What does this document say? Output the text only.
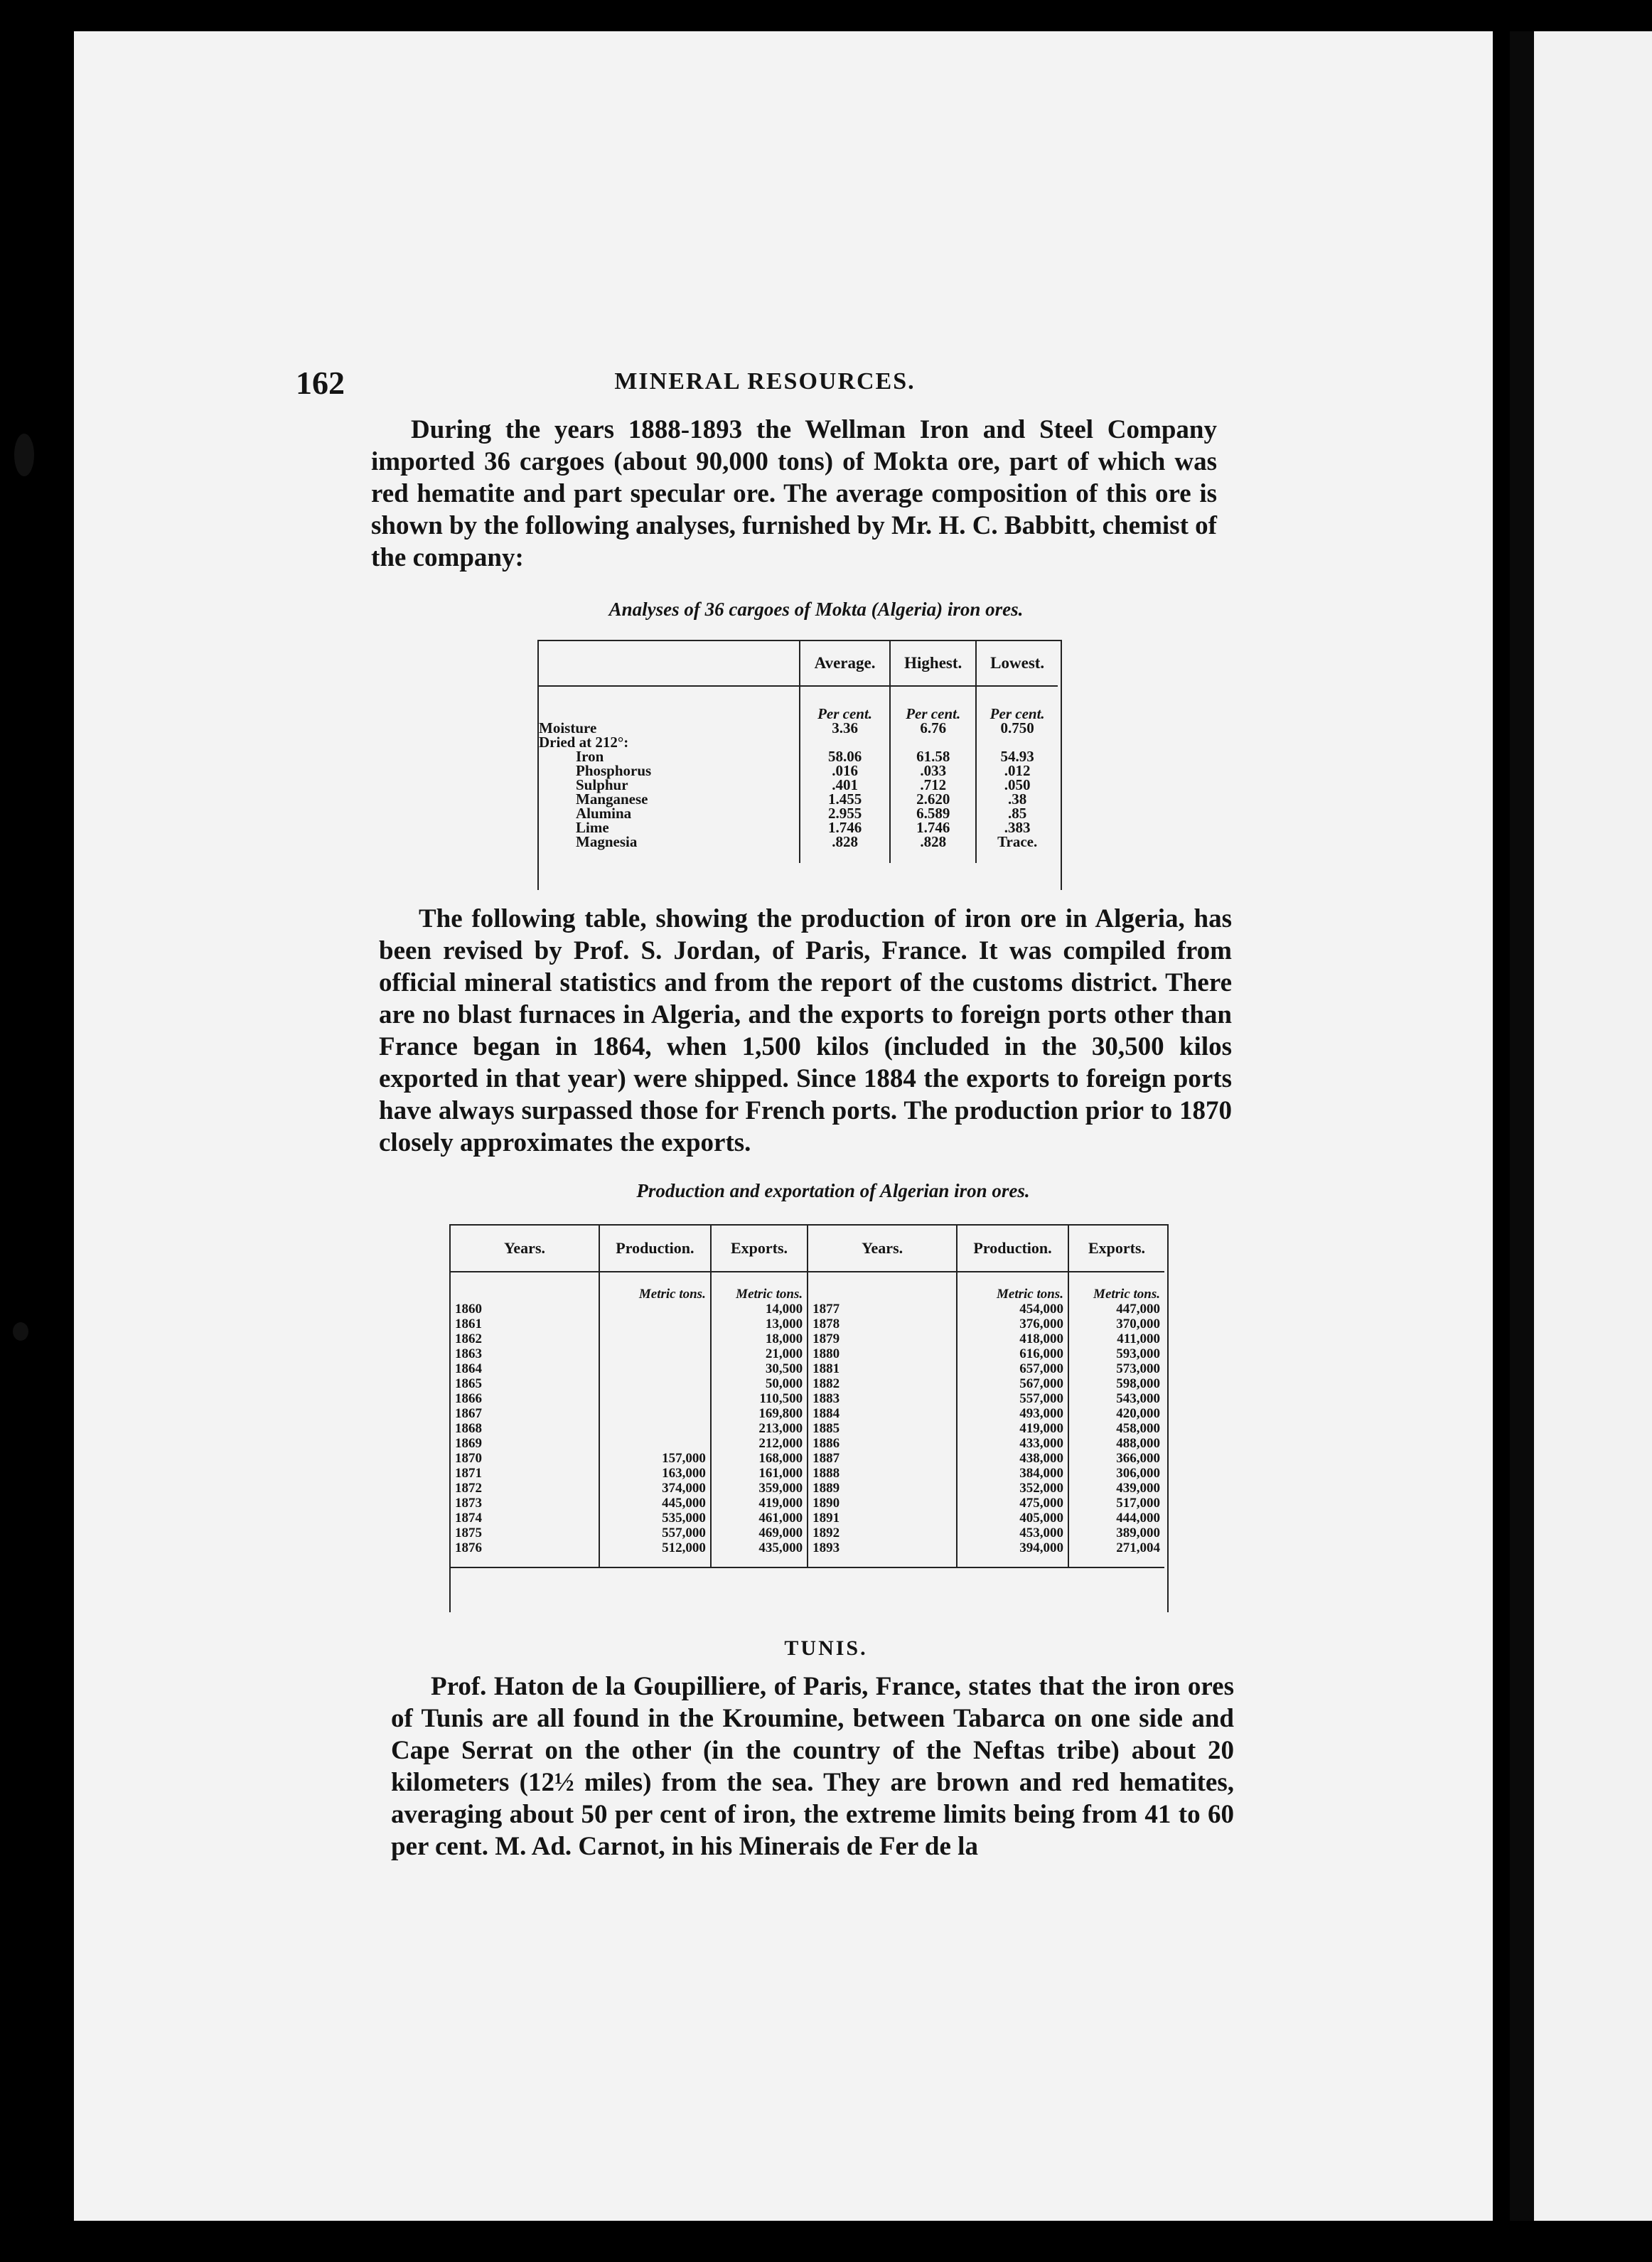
162	MINERAL RESOURCES.

During the years 1888-1893 the Wellman Iron and Steel Company imported 36 cargoes (about 90,000 tons) of Mokta ore, part of which was red hematite and part specular ore. The average composition of this ore is shown by the following analyses, furnished by Mr. H. C. Babbitt, chemist of the company:

Analyses of 36 cargoes of Mokta (Algeria) iron ores.
	Average.	Highest.	Lowest.
	Per cent.	Per cent.	Per cent.
Moisture	3.36	6.76	0.750
Dried at 212°:			
Iron	58.06	61.58	54.93
Phosphorus	.016	.033	.012
Sulphur	.401	.712	.050
Manganese	1.455	2.620	.38
Alumina	2.955	6.589	.85
Lime	1.746	1.746	.383
Magnesia	.828	.828	Trace.

The following table, showing the production of iron ore in Algeria, has been revised by Prof. S. Jordan, of Paris, France. It was compiled from official mineral statistics and from the report of the customs district. There are no blast furnaces in Algeria, and the exports to foreign ports other than France began in 1864, when 1,500 kilos (included in the 30,500 kilos exported in that year) were shipped. Since 1884 the exports to foreign ports have always surpassed those for French ports. The production prior to 1870 closely approximates the exports.

Production and exportation of Algerian iron ores.
Years.	Production.	Exports.	Years.	Production.	Exports.
	Metric tons.	Metric tons.		Metric tons.	Metric tons.
1860		14,000	1877	454,000	447,000
1861		13,000	1878	376,000	370,000
1862		18,000	1879	418,000	411,000
1863		21,000	1880	616,000	593,000
1864		30,500	1881	657,000	573,000
1865		50,000	1882	567,000	598,000
1866		110,500	1883	557,000	543,000
1867		169,800	1884	493,000	420,000
1868		213,000	1885	419,000	458,000
1869		212,000	1886	433,000	488,000
1870	157,000	168,000	1887	438,000	366,000
1871	163,000	161,000	1888	384,000	306,000
1872	374,000	359,000	1889	352,000	439,000
1873	445,000	419,000	1890	475,000	517,000
1874	535,000	461,000	1891	405,000	444,000
1875	557,000	469,000	1892	453,000	389,000
1876	512,000	435,000	1893	394,000	271,004
TUNIS.

Prof. Haton de la Goupilliere, of Paris, France, states that the iron ores of Tunis are all found in the Kroumine, between Tabarca on one side and Cape Serrat on the other (in the country of the Neftas tribe) about 20 kilometers (12½ miles) from the sea. They are brown and red hematites, averaging about 50 per cent of iron, the extreme limits being from 41 to 60 per cent. M. Ad. Carnot, in his Minerais de Fer de la
